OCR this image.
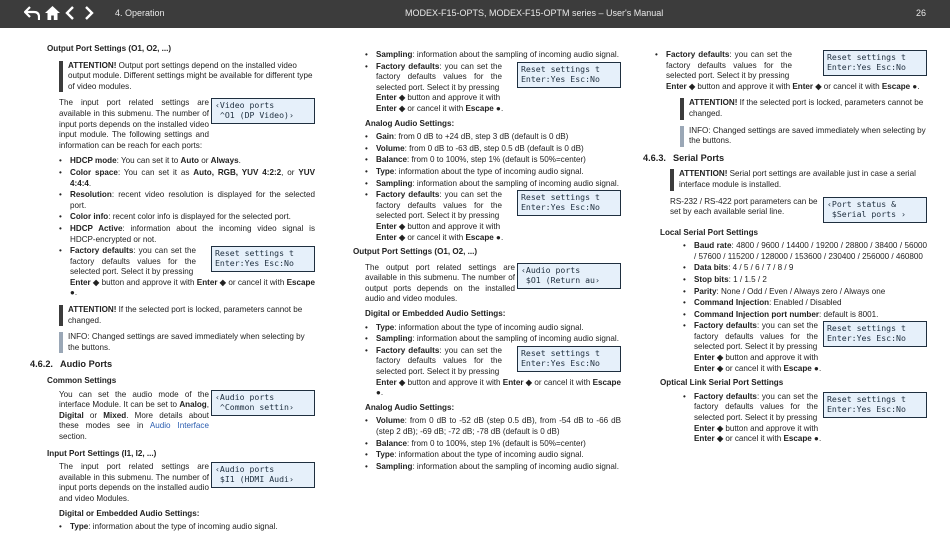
4. Operation	MODEX-F15-OPTS, MODEX-F15-OPTM series – User's Manual	26
Output Port Settings (O1, O2, ...)
ATTENTION! Output port settings depend on the installed video output module. Different settings might be available for different type of video modules.
The input port related settings are available in this submenu. The number of input ports depends on the installed video input module. The following settings and information can be reach for each ports:
‹Video ports
^O1 (DP Video)›
• HDCP mode: You can set it to Auto or Always.
• Color space: You can set it as Auto, RGB, YUV 4:2:2, or YUV 4:4:4.
• Resolution: recent video resolution is displayed for the selected port.
• Color info: recent color info is displayed for the selected port.
• HDCP Active: information about the incoming video signal is HDCP-encrypted or not.
• Factory defaults: you can set the factory defaults values for the selected port. Select it by pressing
Reset settings t
Enter:Yes Esc:No
Enter ◆ button and approve it with Enter ◆ or cancel it with Escape ●.
ATTENTION! If the selected port is locked, parameters cannot be changed.
INFO: Changed settings are saved immediately when selecting by the buttons.
4.6.2. Audio Ports
Common Settings
You can set the audio mode of the interface Module. It can be set to Analog, Digital or Mixed. More details about these modes see in Audio Interface section.
‹Audio ports
^Common settin›
Input Port Settings (I1, I2, ...)
The input port related settings are available in this submenu. The number of input ports depends on the installed audio and video Modules.
‹Audio ports
$I1 (HDMI Audi›
Digital or Embedded Audio Settings:
• Type: information about the type of incoming audio signal.
• Sampling: information about the sampling of incoming audio signal.
• Factory defaults: you can set the factory defaults values for the selected port. Select it by pressing
Reset settings t
Enter:Yes Esc:No
Enter ◆ button and approve it with
Enter ◆ or cancel it with Escape ●.
Analog Audio Settings:
• Gain: from 0 dB to +24 dB, step 3 dB (default is 0 dB)
• Volume: from 0 dB to -63 dB, step 0.5 dB (default is 0 dB)
• Balance: from 0 to 100%, step 1% (default is 50%=center)
• Type: information about the type of incoming audio signal.
• Sampling: information about the sampling of incoming audio signal.
• Factory defaults: you can set the factory defaults values for the selected port. Select it by pressing
Reset settings t
Enter:Yes Esc:No
Enter ◆ button and approve it with
Enter ◆ or cancel it with Escape ●.
Output Port Settings (O1, O2, ...)
The output port related settings are available in this submenu. The number of output ports depends on the installed audio and video modules.
‹Audio ports
$O1 (Return au›
Digital or Embedded Audio Settings:
• Type: information about the type of incoming audio signal.
• Sampling: information about the sampling of incoming audio signal.
• Factory defaults: you can set the factory defaults values for the selected port. Select it by pressing
Reset settings t
Enter:Yes Esc:No
Enter ◆ button and approve it with Enter ◆ or cancel it with Escape ●.
Analog Audio Settings:
• Volume: from 0 dB to -52 dB (step 0.5 dB), from -54 dB to -66 dB (step 2 dB); -69 dB; -72 dB; -78 dB (default is 0 dB)
• Balance: from 0 to 100%, step 1% (default is 50%=center)
• Type: information about the type of incoming audio signal.
• Sampling: information about the sampling of incoming audio signal.
• Factory defaults: you can set the factory defaults values for the selected port. Select it by pressing
Reset settings t
Enter:Yes Esc:No
Enter ◆ button and approve it with Enter ◆ or cancel it with Escape ●.
ATTENTION! If the selected port is locked, parameters cannot be changed.
INFO: Changed settings are saved immediately when selecting by the buttons.
4.6.3. Serial Ports
ATTENTION! Serial port settings are available just in case a serial interface module is installed.
RS-232 / RS-422 port parameters can be set by each available serial line.
‹Port status &
$Serial ports ›
Local Serial Port Settings
• Baud rate: 4800 / 9600 / 14400 / 19200 / 28800 / 38400 / 56000 / 57600 / 115200 / 128000 / 153600 / 230400 / 256000 / 460800
• Data bits: 4 / 5 / 6 / 7 / 8 / 9
• Stop bits: 1 / 1.5 / 2
• Parity: None / Odd / Even / Always zero / Always one
• Command Injection: Enabled / Disabled
• Command Injection port number: default is 8001.
• Factory defaults: you can set the factory defaults values for the selected port. Select it by pressing
Reset settings t
Enter:Yes Esc:No
Enter ◆ button and approve it with
Enter ◆ or cancel it with Escape ●.
Optical Link Serial Port Settings
• Factory defaults: you can set the factory defaults values for the selected port. Select it by pressing
Reset settings t
Enter:Yes Esc:No
Enter ◆ button and approve it with
Enter ◆ or cancel it with Escape ●.
